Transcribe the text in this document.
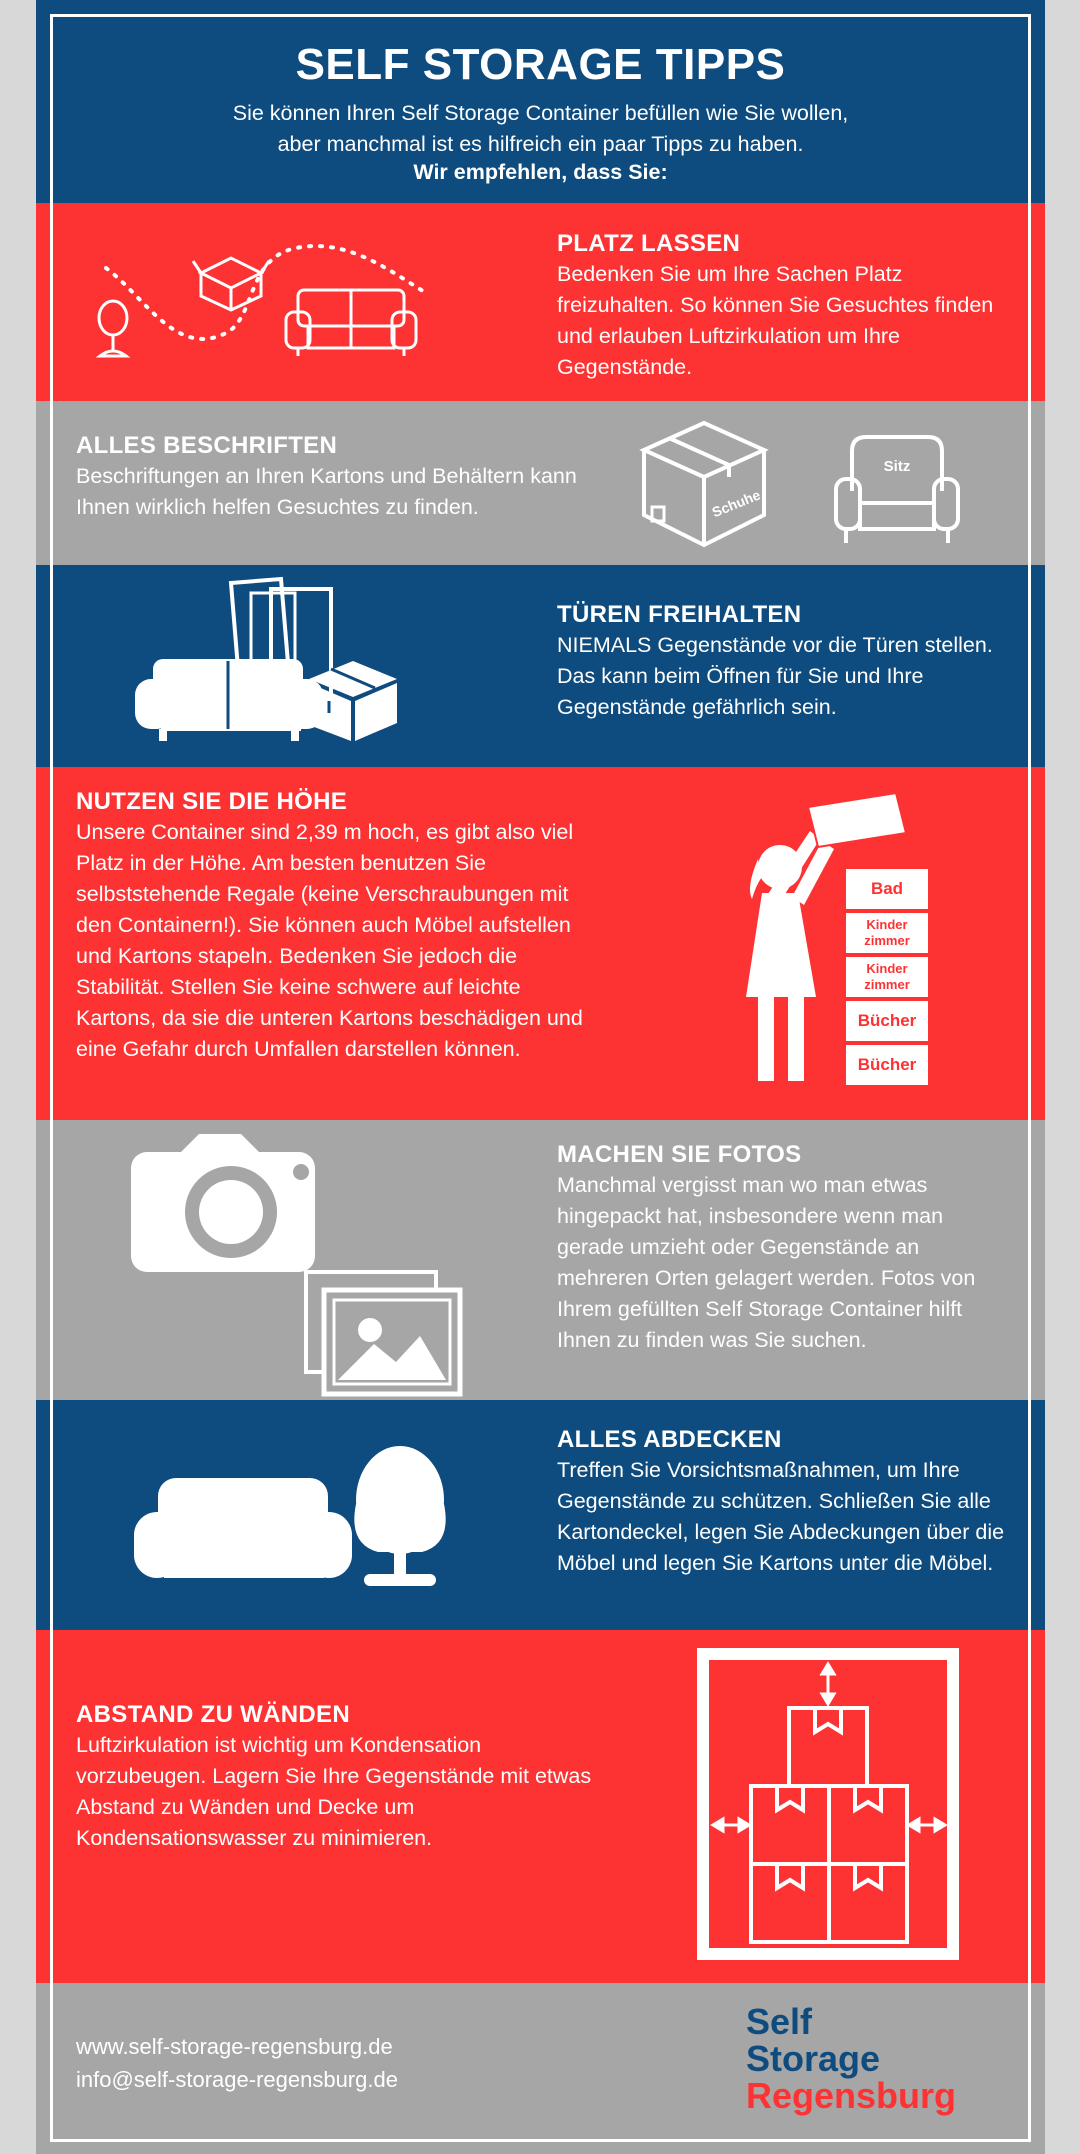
SELF STORAGE TIPPS
Sie können Ihren Self Storage Container befüllen wie Sie wollen,
aber manchmal ist es hilfreich ein paar Tipps zu haben.
Wir empfehlen, dass Sie:
PLATZ LASSEN
Bedenken Sie um Ihre Sachen Platz freizuhalten. So können Sie Gesuchtes finden und erlauben Luftzirkulation um Ihre Gegenstände.
ALLES BESCHRIFTEN
Beschriftungen an Ihren Kartons und Behältern kann Ihnen wirklich helfen Gesuchtes zu finden.	Schuhe
Sitz
TÜREN FREIHALTEN
NIEMALS Gegenstände vor die Türen stellen. Das kann beim Öffnen für Sie und Ihre Gegenstände gefährlich sein.
NUTZEN SIE DIE HÖHE
Unsere Container sind 2,39 m hoch, es gibt also viel Platz in der Höhe. Am besten benutzen Sie selbststehende Regale (keine Verschraubungen mit den Containern!). Sie können auch Möbel aufstellen und Kartons stapeln. Bedenken Sie jedoch die Stabilität. Stellen Sie keine schwere auf leichte Kartons, da sie die unteren Kartons beschädigen und eine Gefahr durch Umfallen darstellen können.
Bad
Kinder zimmer
Kinder zimmer
Bücher
Bücher
MACHEN SIE FOTOS
Manchmal vergisst man wo man etwas hingepackt hat, insbesondere wenn man gerade umzieht oder Gegenstände an mehreren Orten gelagert werden. Fotos von Ihrem gefüllten Self Storage Container hilft Ihnen zu finden was Sie suchen.
ALLES ABDECKEN
Treffen Sie Vorsichtsmaßnahmen, um Ihre Gegenstände zu schützen. Schließen Sie alle Kartondeckel, legen Sie Abdeckungen über die Möbel und legen Sie Kartons unter die Möbel.
ABSTAND ZU WÄNDEN
Luftzirkulation ist wichtig um Kondensation vorzubeugen. Lagern Sie Ihre Gegenstände mit etwas Abstand zu Wänden und Decke um Kondensationswasser zu minimieren.
www.self-storage-regensburg.de
info@self-storage-regensburg.de
Self
Storage
Regensburg
